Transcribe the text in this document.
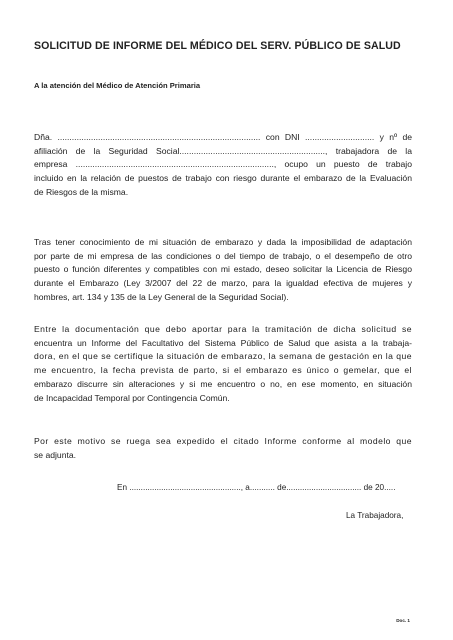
SOLICITUD DE INFORME DEL MÉDICO DEL SERV. PÚBLICO DE SALUD
A la atención del Médico de Atención Primaria
Dña. ..................................................................................... con DNI ............................. y nº de
afiliación de la Seguridad Social............................................................., trabajadora de la
empresa ..................................................................................., ocupo un puesto de trabajo
incluido en la relación de puestos de trabajo con riesgo durante el embarazo de la Evaluación
de Riesgos de la misma.
Tras tener conocimiento de mi situación de embarazo y dada la imposibilidad de adaptación
por parte de mi empresa de las condiciones o del tiempo de trabajo, o el desempeño de otro
puesto o función diferentes y compatibles con mi estado, deseo solicitar la Licencia de Riesgo
durante el Embarazo (Ley 3/2007 del 22 de marzo, para la igualdad efectiva de mujeres y
hombres, art. 134 y 135 de la Ley General de la Seguridad Social).
Entre la documentación que debo aportar para la tramitación de dicha solicitud se
encuentra un Informe del Facultativo del Sistema Público de Salud que asista a la trabaja-
dora, en el que se certifique la situación de embarazo, la semana de gestación en la que
me encuentro, la fecha prevista de parto, si el embarazo es único o gemelar, que el
embarazo discurre sin alteraciones y si me encuentro o no, en ese momento, en situación
de Incapacidad Temporal por Contingencia Común.
Por este motivo se ruega sea expedido el citado Informe conforme al modelo que
se adjunta.
En ................................................., a........... de................................. de 20.....
La Trabajadora,
Doc. 1
